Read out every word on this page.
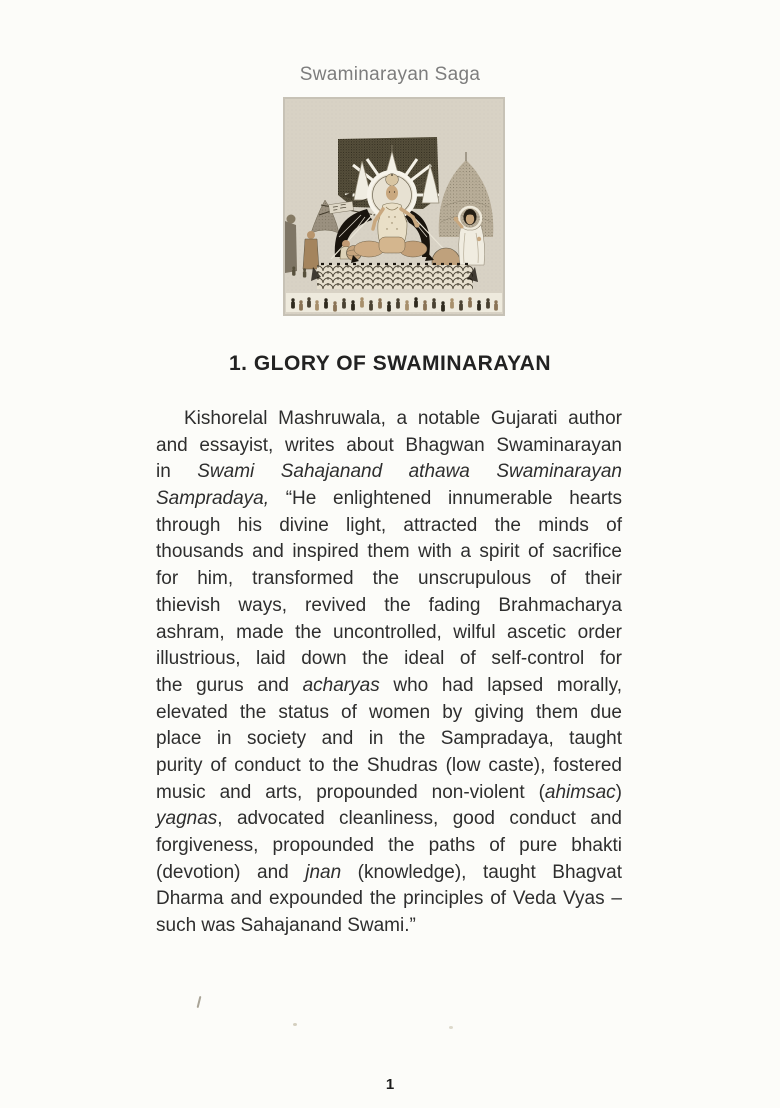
Swaminarayan Saga
1. GLORY OF SWAMINARAYAN
Kishorelal Mashruwala, a notable Gujarati author
and essayist, writes about Bhagwan Swaminarayan
in Swami Sahajanand athawa Swaminarayan
Sampradaya, “He enlightened innumerable hearts
through his divine light, attracted the minds of
thousands and inspired them with a spirit of sacrifice
for him, transformed the unscrupulous of their
thievish ways, revived the fading Brahmacharya
ashram, made the uncontrolled, wilful ascetic order
illustrious, laid down the ideal of self-control for
the gurus and acharyas who had lapsed morally,
elevated the status of women by giving them due
place in society and in the Sampradaya, taught
purity of conduct to the Shudras (low caste), fostered
music and arts, propounded non-violent (ahimsac)
yagnas, advocated cleanliness, good conduct and
forgiveness, propounded the paths of pure bhakti
(devotion) and jnan (knowledge), taught Bhagvat
Dharma and expounded the principles of Veda Vyas –
such was Sahajanand Swami.”
1
